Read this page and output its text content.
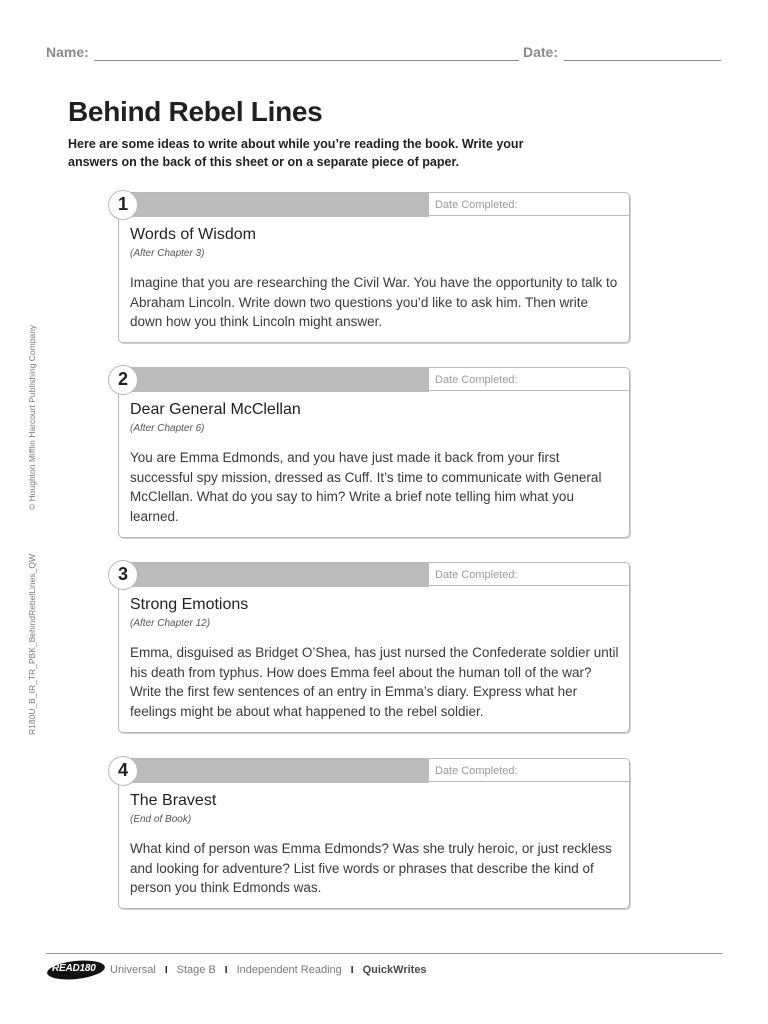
Name:	Date:
Behind Rebel Lines

Here are some ideas to write about while you’re reading the book. Write your answers on the back of this sheet or on a separate piece of paper.

© Houghton Mifflin Harcourt Publishing Company
R180U_B_IR_TR_PBK_BehindRebelLines_QW
Date Completed:
1
Words of Wisdom

(After Chapter 3)

Imagine that you are researching the Civil War. You have the opportunity to talk to Abraham Lincoln. Write down two questions you’d like to ask him. Then write down how you think Lincoln might answer.

Date Completed:
2
Dear General McClellan

(After Chapter 6)

You are Emma Edmonds, and you have just made it back from your first successful spy mission, dressed as Cuff. It’s time to communicate with General McClellan. What do you say to him? Write a brief note telling him what you learned.

Date Completed:
3
Strong Emotions

(After Chapter 12)

Emma, disguised as Bridget O’Shea, has just nursed the Confederate soldier until his death from typhus. How does Emma feel about the human toll of the war? Write the first few sentences of an entry in Emma’s diary. Express what her feelings might be about what happened to the rebel soldier.

Date Completed:
4
The Bravest

(End of Book)

What kind of person was Emma Edmonds? Was she truly heroic, or just reckless and looking for adventure? List five words or phrases that describe the kind of person you think Edmonds was.

READ180 Universal I Stage B I Independent Reading I QuickWrites
